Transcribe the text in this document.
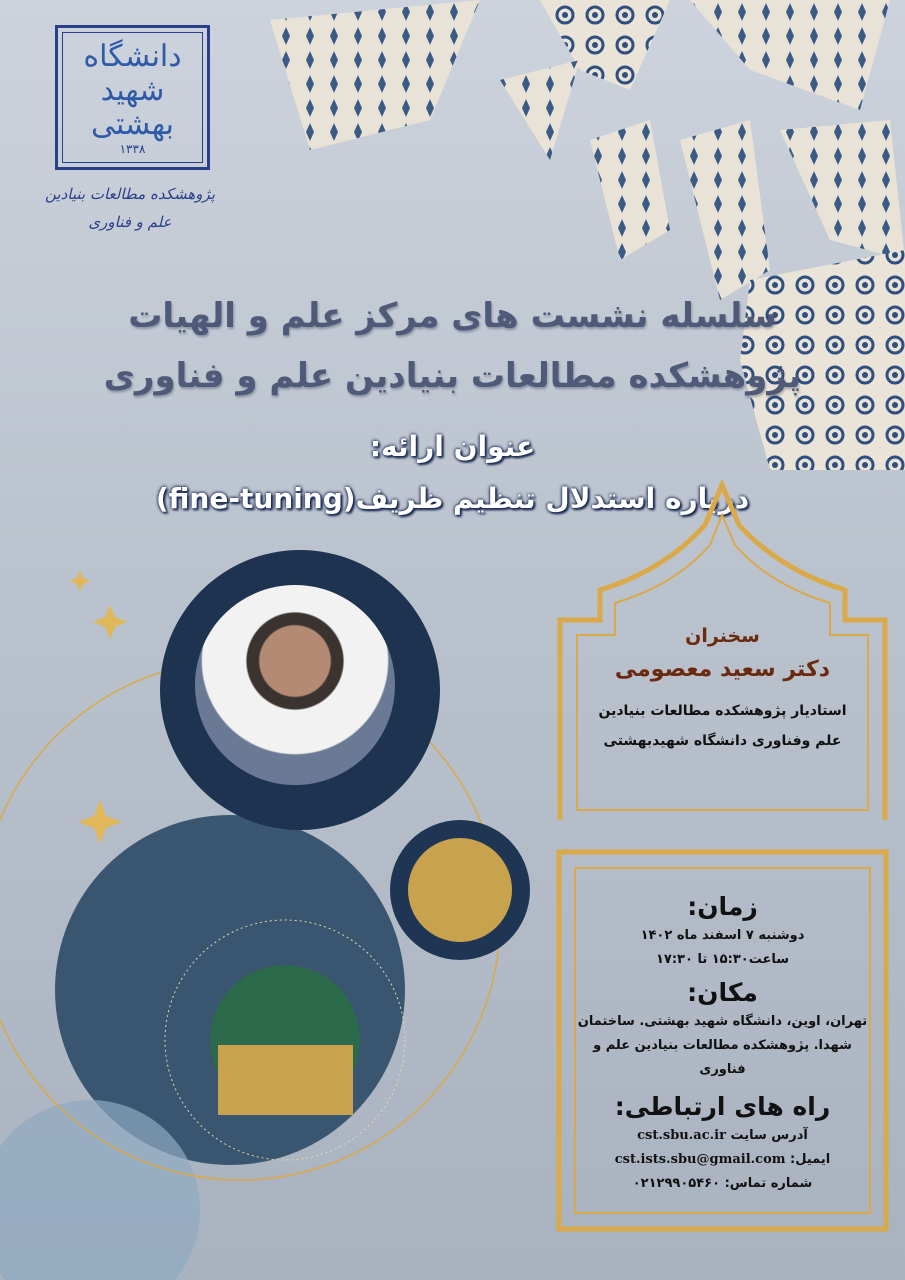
دانشگاه
شهید
بهشتی
۱۳۳۸
پژوهشکده مطالعات بنیادین
علم و فناوری
سلسله نشست های مرکز علم و الهیات
پژوهشکده مطالعات بنیادین علم و فناوری
عنوان ارائه:
درباره استدلال تنظیم ظریف(fine-tuning)
سخنران
دکتر سعید معصومی
استادیار پژوهشکده مطالعات بنیادین
علم وفناوری دانشگاه شهیدبهشتی
زمان:
دوشنبه ۷ اسفند ماه ۱۴۰۲
ساعت۱۵:۳۰ تا ۱۷:۳۰
مکان:
تهران، اوین، دانشگاه شهید بهشتی. ساختمان
شهدا. پژوهشکده مطالعات بنیادین علم و فناوری
راه های ارتباطی:
آدرس سایت cst.sbu.ac.ir
ایمیل: cst.ists.sbu@gmail.com
شماره تماس: ۰۲۱۲۹۹۰۵۴۶۰
